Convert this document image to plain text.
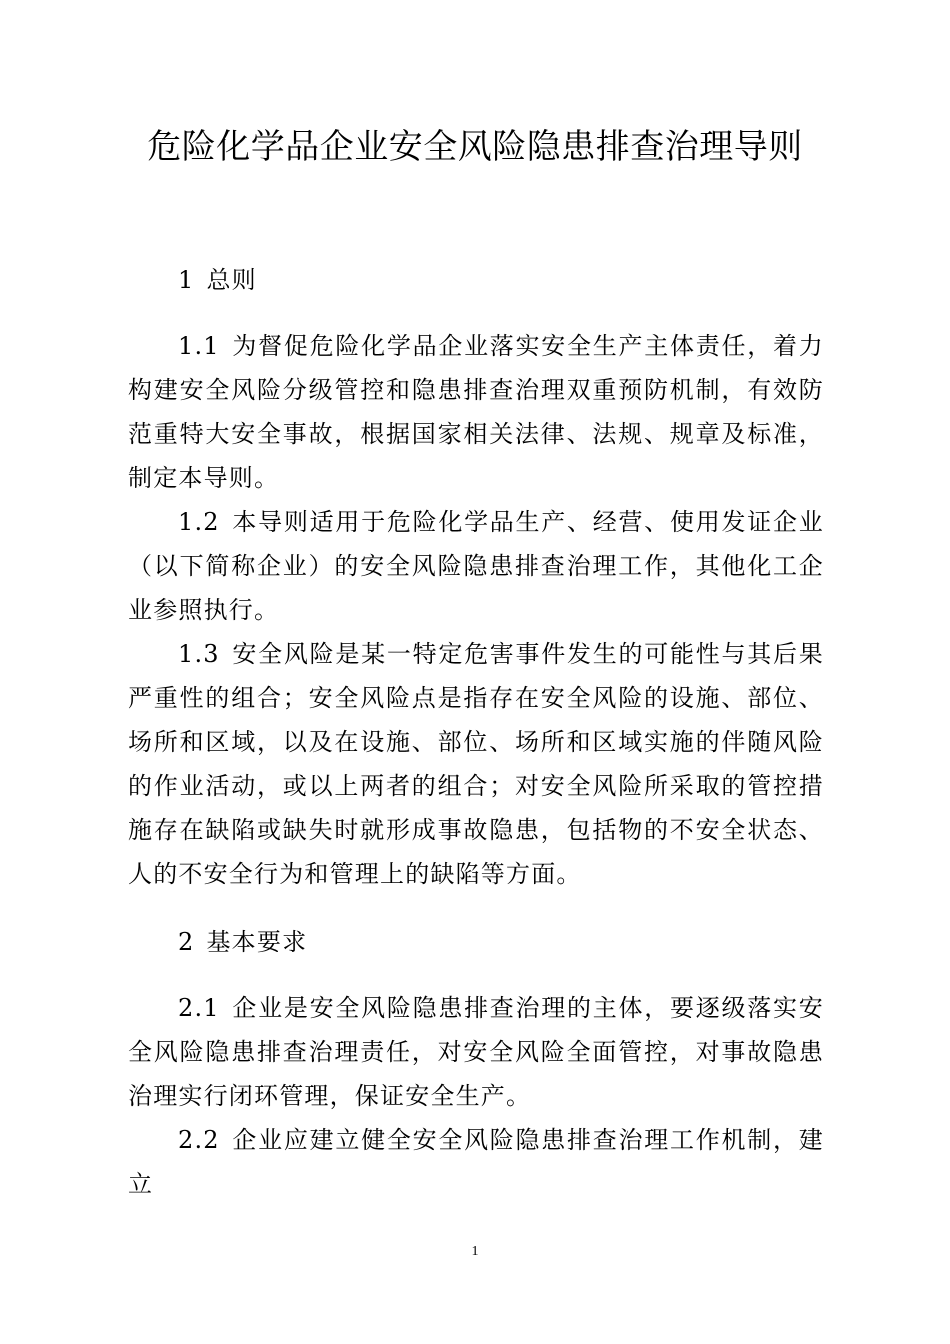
危险化学品企业安全风险隐患排查治理导则
1 总则

1.1 为督促危险化学品企业落实安全生产主体责任，着力构建安全风险分级管控和隐患排查治理双重预防机制，有效防范重特大安全事故，根据国家相关法律、法规、规章及标准，制定本导则。

1.2 本导则适用于危险化学品生产、经营、使用发证企业（以下简称企业）的安全风险隐患排查治理工作，其他化工企业参照执行。

1.3 安全风险是某一特定危害事件发生的可能性与其后果严重性的组合；安全风险点是指存在安全风险的设施、部位、场所和区域，以及在设施、部位、场所和区域实施的伴随风险的作业活动，或以上两者的组合；对安全风险所采取的管控措施存在缺陷或缺失时就形成事故隐患，包括物的不安全状态、人的不安全行为和管理上的缺陷等方面。

2 基本要求

2.1 企业是安全风险隐患排查治理的主体，要逐级落实安全风险隐患排查治理责任，对安全风险全面管控，对事故隐患治理实行闭环管理，保证安全生产。

2.2 企业应建立健全安全风险隐患排查治理工作机制，建立

1
